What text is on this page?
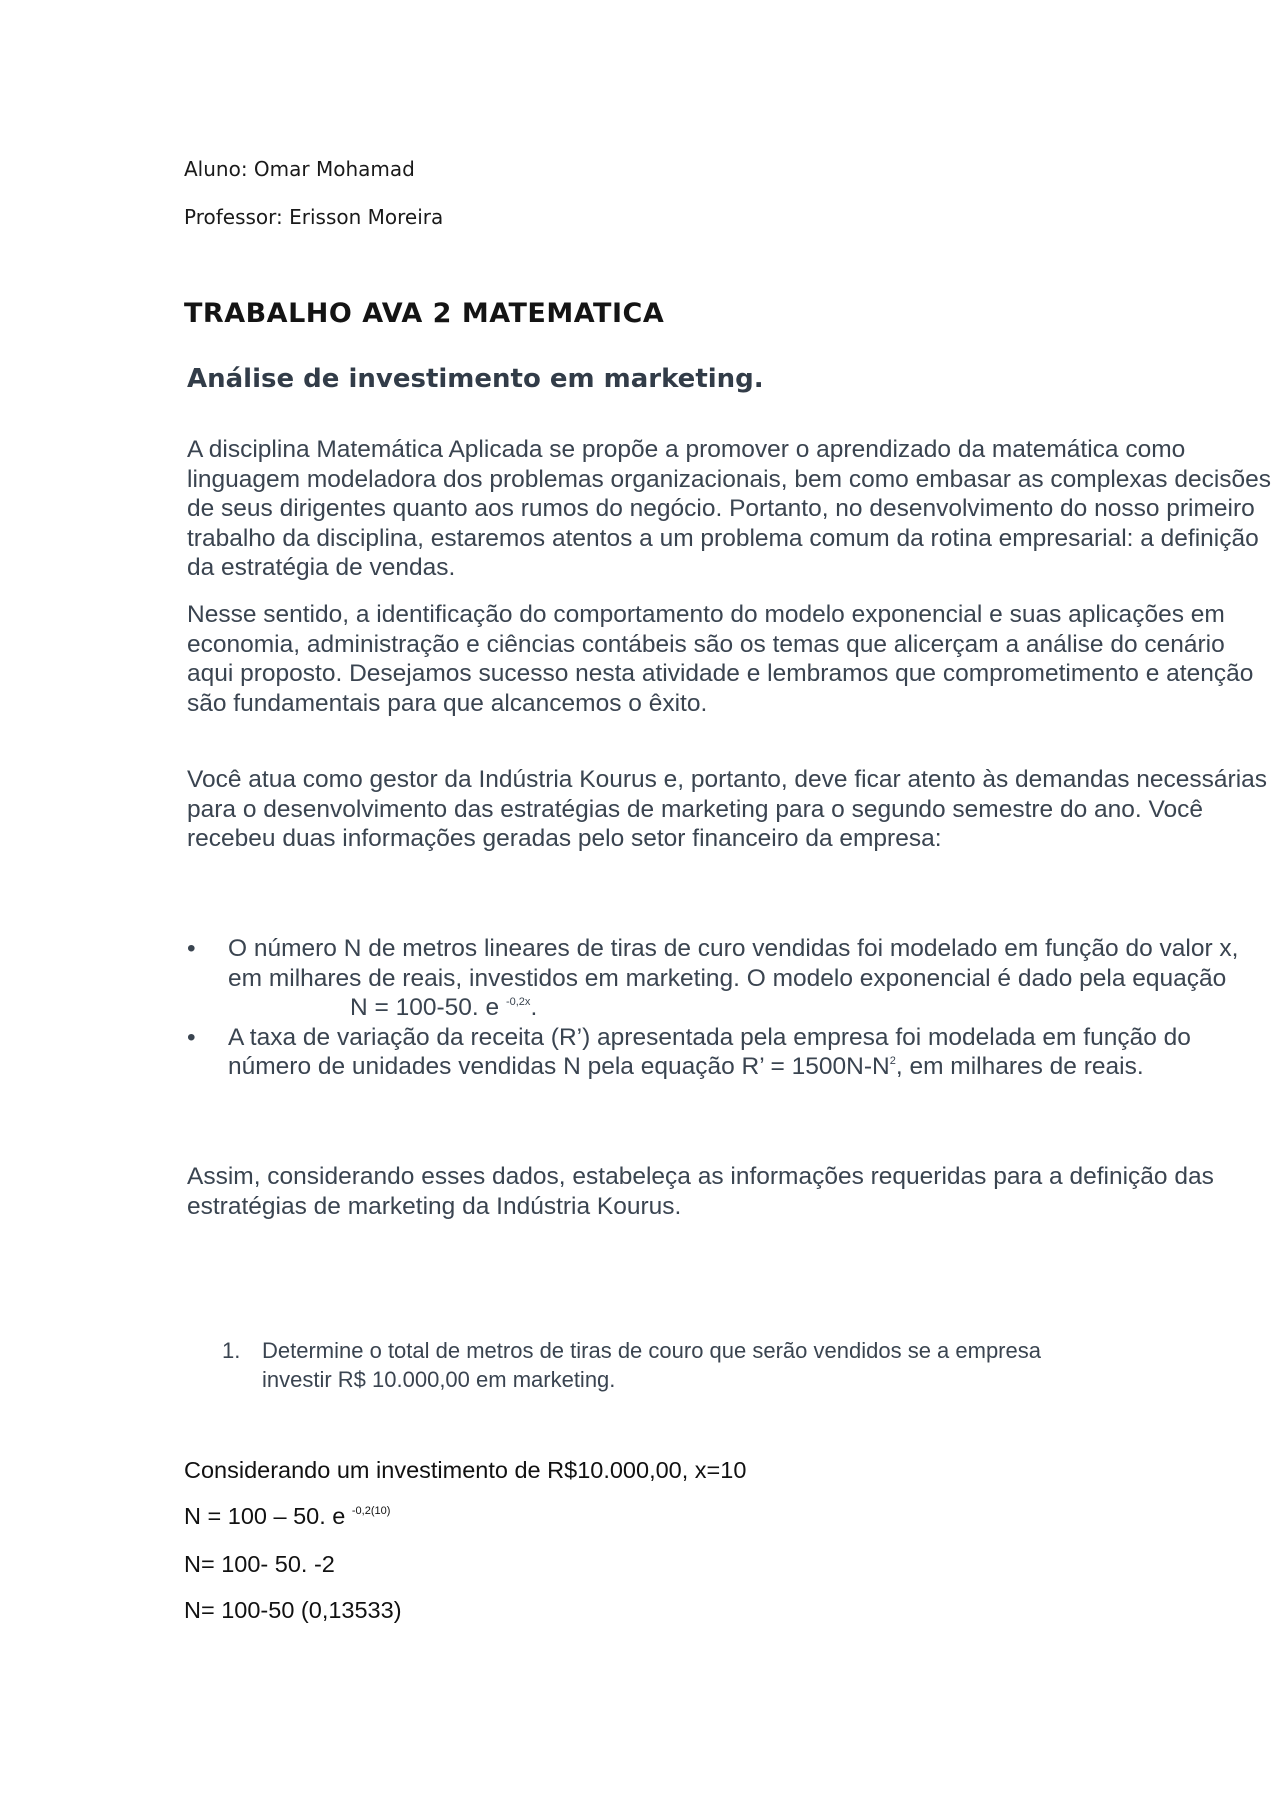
Aluno: Omar Mohamad

Professor: Erisson Moreira

TRABALHO AVA 2 MATEMATICA
Análise de investimento em marketing.

A disciplina Matemática Aplicada se propõe a promover o aprendizado da matemática como linguagem modeladora dos problemas organizacionais, bem como embasar as complexas decisões de seus dirigentes quanto aos rumos do negócio. Portanto, no desenvolvimento do nosso primeiro trabalho da disciplina, estaremos atentos a um problema comum da rotina empresarial: a definição da estratégia de vendas.

Nesse sentido, a identificação do comportamento do modelo exponencial e suas aplicações em economia, administração e ciências contábeis são os temas que alicerçam a análise do cenário aqui proposto. Desejamos sucesso nesta atividade e lembramos que comprometimento e atenção são fundamentais para que alcancemos o êxito.

Você atua como gestor da Indústria Kourus e, portanto, deve ficar atento às demandas necessárias para o desenvolvimento das estratégias de marketing para o segundo semestre do ano. Você recebeu duas informações geradas pelo setor financeiro da empresa:

• O número N de metros lineares de tiras de curo vendidas foi modelado em função do valor x, em milhares de reais, investidos em marketing. O modelo exponencial é dado pela equaçãoN = 100-50. e $^{-0,2x}$.
• A taxa de variação da receita (R’) apresentada pela empresa foi modelada em função do número de unidades vendidas N pela equação R’ = $1500N-N^2$, em milhares de reais.

Assim, considerando esses dados, estabeleça as informações requeridas para a definição das estratégias de marketing da Indústria Kourus.

1. Determine o total de metros de tiras de couro que serão vendidos se a empresa investir R$ 10.000,00 em marketing.

Considerando um investimento de R$10.000,00, x=10

N = 100 – 50. e $^{-0,2(10)}$

N= 100- 50. -2

N= 100-50 (0,13533)
